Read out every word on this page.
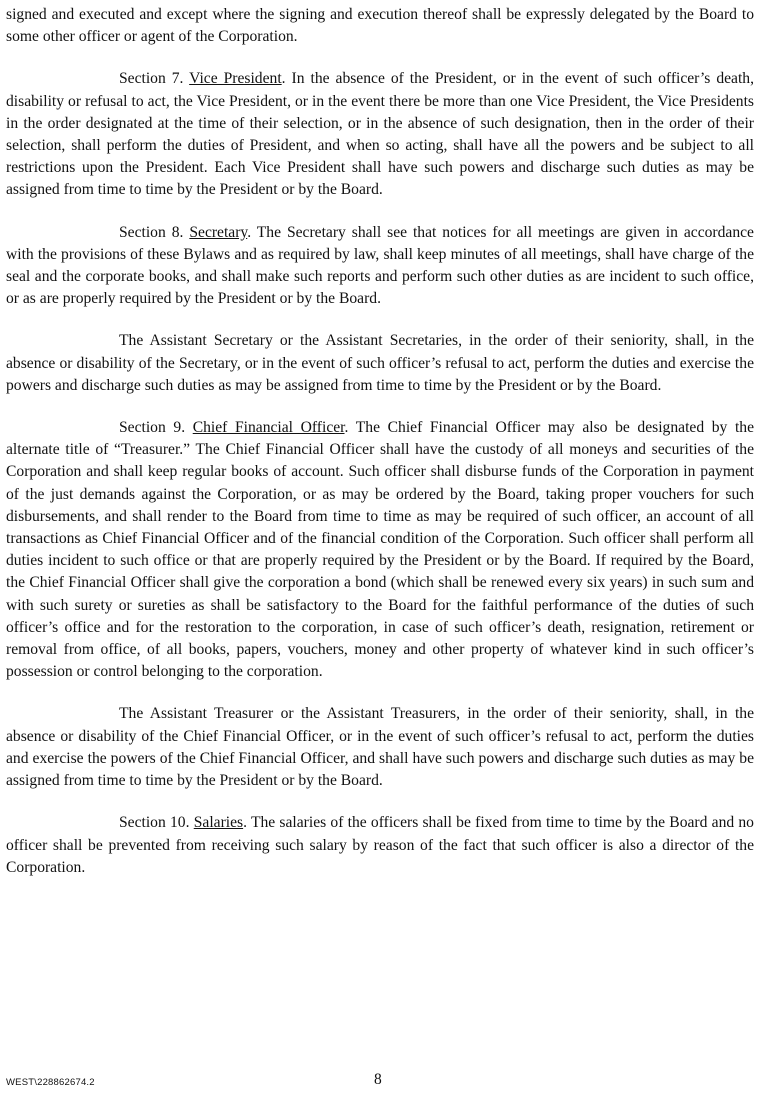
signed and executed and except where the signing and execution thereof shall be expressly delegated by the Board to some other officer or agent of the Corporation.

Section 7. Vice President. In the absence of the President, or in the event of such officer’s death, disability or refusal to act, the Vice President, or in the event there be more than one Vice President, the Vice Presidents in the order designated at the time of their selection, or in the absence of such designation, then in the order of their selection, shall perform the duties of President, and when so acting, shall have all the powers and be subject to all restrictions upon the President. Each Vice President shall have such powers and discharge such duties as may be assigned from time to time by the President or by the Board.

Section 8. Secretary. The Secretary shall see that notices for all meetings are given in accordance with the provisions of these Bylaws and as required by law, shall keep minutes of all meetings, shall have charge of the seal and the corporate books, and shall make such reports and perform such other duties as are incident to such office, or as are properly required by the President or by the Board.

The Assistant Secretary or the Assistant Secretaries, in the order of their seniority, shall, in the absence or disability of the Secretary, or in the event of such officer’s refusal to act, perform the duties and exercise the powers and discharge such duties as may be assigned from time to time by the President or by the Board.

Section 9. Chief Financial Officer. The Chief Financial Officer may also be designated by the alternate title of “Treasurer.” The Chief Financial Officer shall have the custody of all moneys and securities of the Corporation and shall keep regular books of account. Such officer shall disburse funds of the Corporation in payment of the just demands against the Corporation, or as may be ordered by the Board, taking proper vouchers for such disbursements, and shall render to the Board from time to time as may be required of such officer, an account of all transactions as Chief Financial Officer and of the financial condition of the Corporation. Such officer shall perform all duties incident to such office or that are properly required by the President or by the Board. If required by the Board, the Chief Financial Officer shall give the corporation a bond (which shall be renewed every six years) in such sum and with such surety or sureties as shall be satisfactory to the Board for the faithful performance of the duties of such officer’s office and for the restoration to the corporation, in case of such officer’s death, resignation, retirement or removal from office, of all books, papers, vouchers, money and other property of whatever kind in such officer’s possession or control belonging to the corporation.

The Assistant Treasurer or the Assistant Treasurers, in the order of their seniority, shall, in the absence or disability of the Chief Financial Officer, or in the event of such officer’s refusal to act, perform the duties and exercise the powers of the Chief Financial Officer, and shall have such powers and discharge such duties as may be assigned from time to time by the President or by the Board.

Section 10. Salaries. The salaries of the officers shall be fixed from time to time by the Board and no officer shall be prevented from receiving such salary by reason of the fact that such officer is also a director of the Corporation.

WEST\228862674.2	8
